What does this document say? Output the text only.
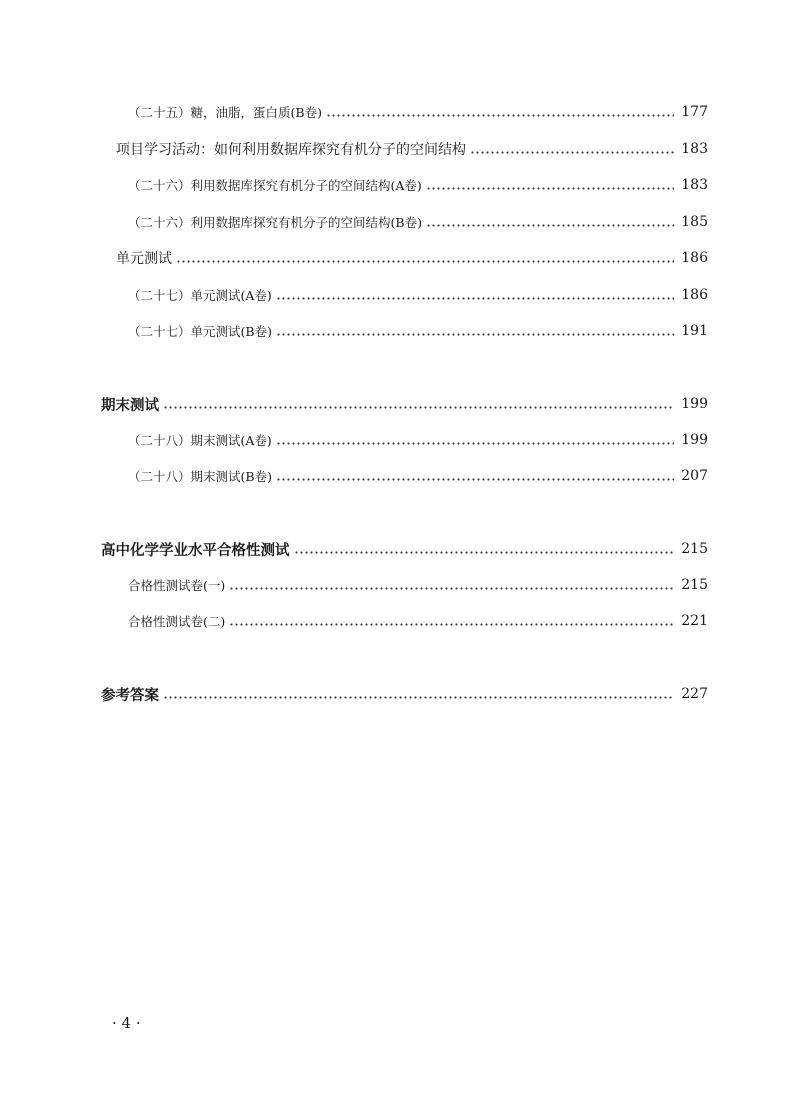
（二十五）糖，油脂，蛋白质(B卷)	177
项目学习活动：如何利用数据库探究有机分子的空间结构	183
（二十六）利用数据库探究有机分子的空间结构(A卷)	183
（二十六）利用数据库探究有机分子的空间结构(B卷)	185
单元测试	186
（二十七）单元测试(A卷)	186
（二十七）单元测试(B卷)	191
期末测试	199
（二十八）期末测试(A卷)	199
（二十八）期末测试(B卷)	207
高中化学学业水平合格性测试	215
合格性测试卷(一)	215
合格性测试卷(二)	221
参考答案	227
· 4 ·
